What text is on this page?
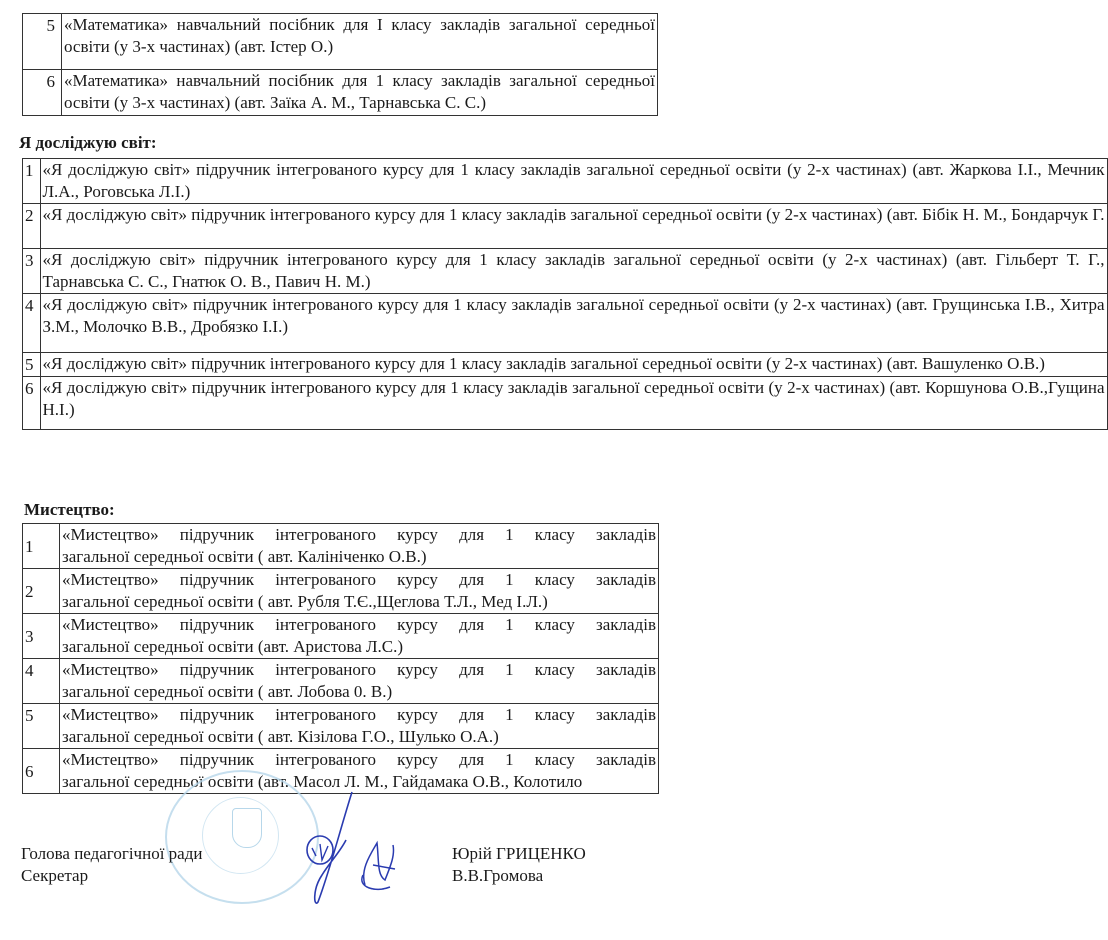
5	«Математика» навчальний посібник для І класу закладів загальної середньої освіти (у 3-х частинах) (авт. Істер О.)
6	«Математика» навчальний посібник для 1 класу закладів загальної середньої освіти (у 3-х частинах) (авт. Заїка А. М., Тарнавська С. С.)
Я досліджую світ:
1	«Я досліджую світ» підручник інтегрованого курсу для 1 класу закладів загальної середньої освіти (у 2-х частинах) (авт. Жаркова І.І., Мечник Л.А., Роговська Л.І.)
2	«Я досліджую світ» підручник інтегрованого курсу для 1 класу закладів загальної середньої освіти (у 2-х частинах) (авт. Бібік Н. М., Бондарчук Г.

3	«Я досліджую світ» підручник інтегрованого курсу для 1 класу закладів загальної середньої освіти (у 2-х частинах) (авт. Гільберт Т. Г., Тарнавська С. С., Гнатюк О. В., Павич Н. М.)
4	«Я досліджую світ» підручник інтегрованого курсу для 1 класу закладів загальної середньої освіти (у 2-х частинах) (авт. Грущинська І.В., Хитра З.М., Молочко В.В., Дробязко І.І.)

5	«Я досліджую світ» підручник інтегрованого курсу для 1 класу закладів загальної середньої освіти (у 2-х частинах) (авт. Вашуленко О.В.)
6	«Я досліджую світ» підручник інтегрованого курсу для 1 класу закладів загальної середньої освіти (у 2-х частинах) (авт. Коршунова О.В.,Гущина Н.І.)
Мистецтво:
1	«Мистецтво» підручник інтегрованого курсу для 1 класу закладів
загальної середньої освіти ( авт. Калініченко О.В.)

2	«Мистецтво» підручник інтегрованого курсу для 1 класу закладів
загальної середньої освіти ( авт. Рубля Т.Є.,Щеглова Т.Л., Мед І.Л.)

3	«Мистецтво» підручник інтегрованого курсу для 1 класу закладів
загальної середньої освіти (авт. Аристова Л.С.)

4	«Мистецтво» підручник інтегрованого курсу для 1 класу закладів
загальної середньої освіти ( авт. Лобова 0. В.)

5	«Мистецтво» підручник інтегрованого курсу для 1 класу закладів
загальної середньої освіти ( авт. Кізілова Г.О., Шулько О.А.)

6	«Мистецтво» підручник інтегрованого курсу для 1 класу закладів
загальної середньої освіти (авт. Масол Л. М., Гайдамака О.В., Колотило
Голова педагогічної ради
Секретар
Юрій ГРИЦЕНКО
В.В.Громова
